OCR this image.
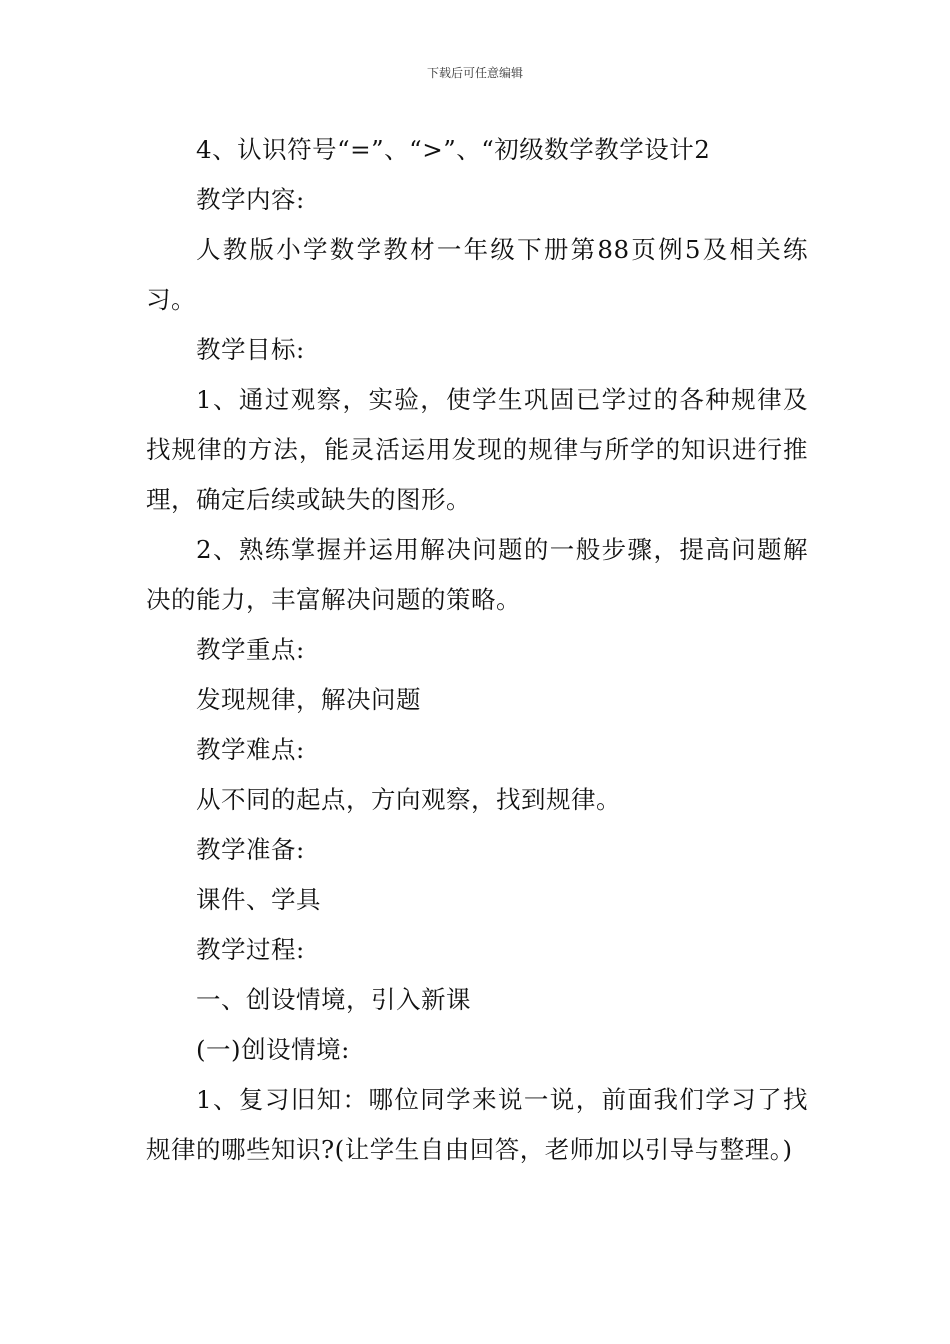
下载后可任意编辑

4、认识符号“=”、“>”、“初级数学教学设计2

教学内容:

人教版小学数学教材一年级下册第88页例5及相关练习。

教学目标:

1、通过观察，实验，使学生巩固已学过的各种规律及找规律的方法，能灵活运用发现的规律与所学的知识进行推理，确定后续或缺失的图形。

2、熟练掌握并运用解决问题的一般步骤，提高问题解决的能力，丰富解决问题的策略。

教学重点:

发现规律，解决问题

教学难点:

从不同的起点，方向观察，找到规律。

教学准备:

课件、学具

教学过程:

一、创设情境，引入新课

(一)创设情境:

1、复习旧知：哪位同学来说一说，前面我们学习了找规律的哪些知识?(让学生自由回答，老师加以引导与整理。)
